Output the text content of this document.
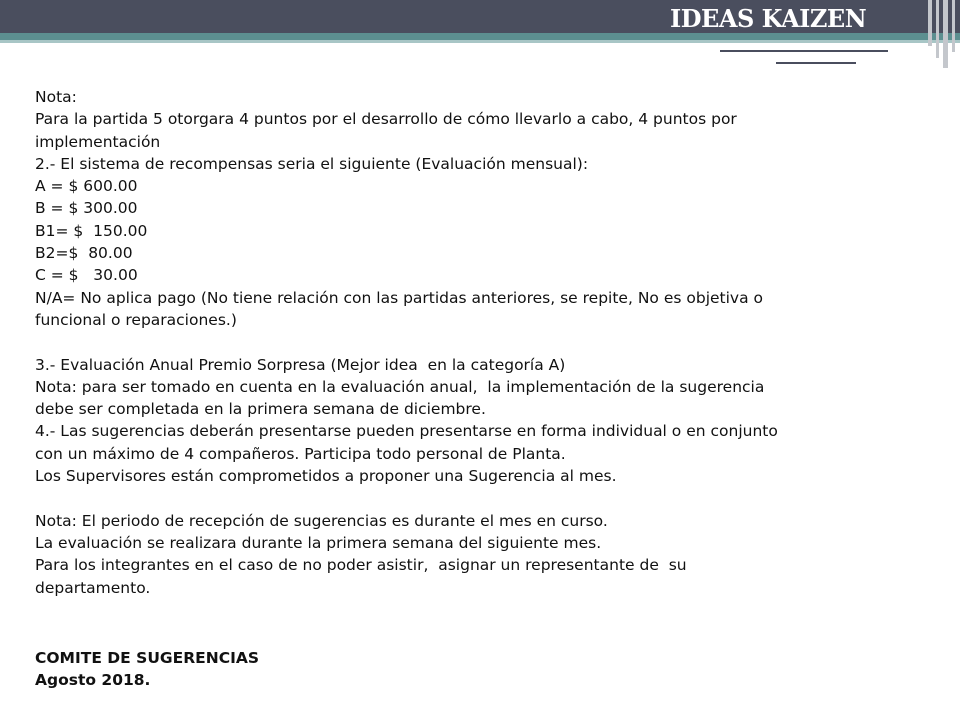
IDEAS KAIZEN
Nota:
Para la partida 5 otorgara 4 puntos por el desarrollo de cómo llevarlo a cabo, 4 puntos por
implementación
2.- El sistema de recompensas seria el siguiente (Evaluación mensual):
A = $ 600.00
B = $ 300.00
B1= $  150.00
B2=$  80.00
C = $   30.00
N/A= No aplica pago (No tiene relación con las partidas anteriores, se repite, No es objetiva o
funcional o reparaciones.)
3.- Evaluación Anual Premio Sorpresa (Mejor idea  en la categoría A)
Nota: para ser tomado en cuenta en la evaluación anual,  la implementación de la sugerencia
debe ser completada en la primera semana de diciembre.
4.- Las sugerencias deberán presentarse pueden presentarse en forma individual o en conjunto
con un máximo de 4 compañeros. Participa todo personal de Planta.
Los Supervisores están comprometidos a proponer una Sugerencia al mes.
Nota: El periodo de recepción de sugerencias es durante el mes en curso.
La evaluación se realizara durante la primera semana del siguiente mes.
Para los integrantes en el caso de no poder asistir,  asignar un representante de  su
departamento.
COMITE DE SUGERENCIAS
Agosto 2018.
